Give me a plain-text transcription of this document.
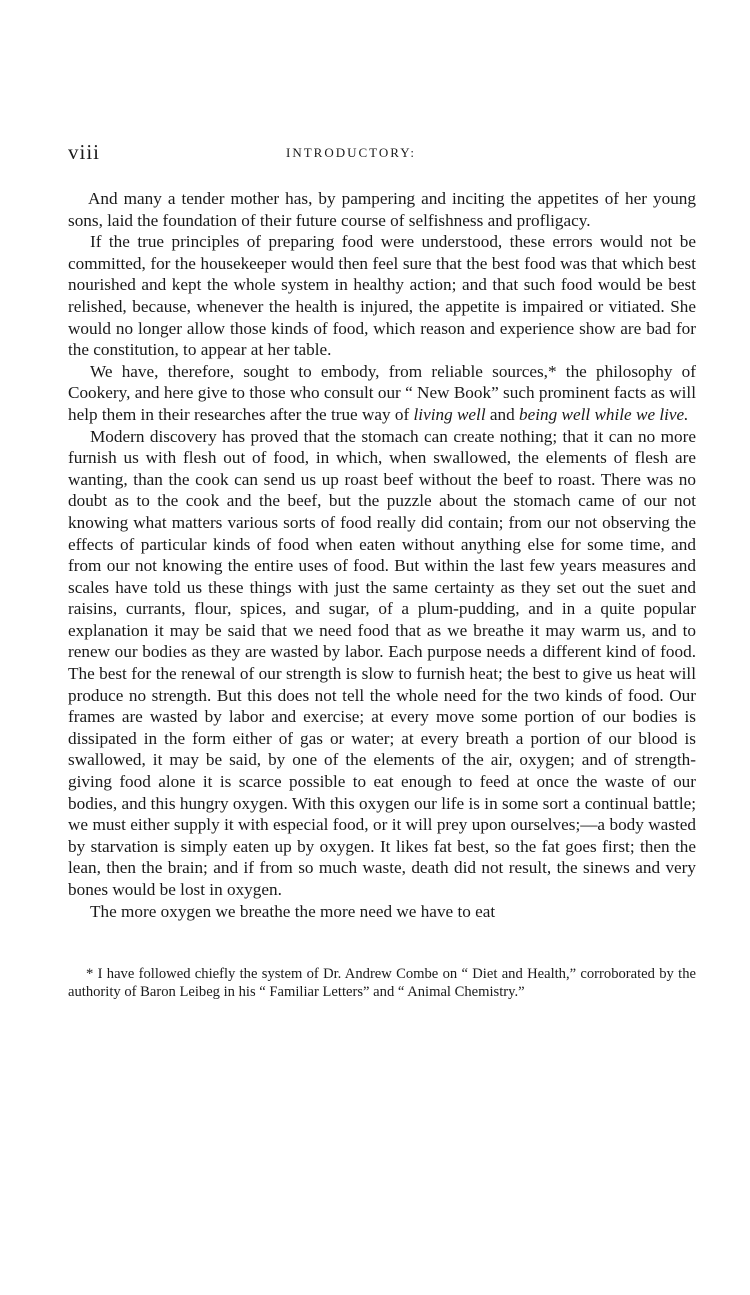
viii	INTRODUCTORY:

And many a tender mother has, by pampering and inciting the appetites of her young sons, laid the foundation of their future course of selfishness and profligacy.

If the true principles of preparing food were understood, these errors would not be committed, for the housekeeper would then feel sure that the best food was that which best nourished and kept the whole system in healthy action; and that such food would be best relished, because, whenever the health is injured, the appetite is impaired or vitiated. She would no longer allow those kinds of food, which reason and experience show are bad for the constitution, to appear at her table.

We have, therefore, sought to embody, from reliable sources,* the philosophy of Cookery, and here give to those who consult our “ New Book” such prominent facts as will help them in their researches after the true way of living well and being well while we live.

Modern discovery has proved that the stomach can create nothing; that it can no more furnish us with flesh out of food, in which, when swallowed, the elements of flesh are wanting, than the cook can send us up roast beef without the beef to roast. There was no doubt as to the cook and the beef, but the puzzle about the stomach came of our not knowing what matters various sorts of food really did contain; from our not observing the effects of particular kinds of food when eaten without anything else for some time, and from our not knowing the entire uses of food. But within the last few years measures and scales have told us these things with just the same certainty as they set out the suet and raisins, currants, flour, spices, and sugar, of a plum-pudding, and in a quite popular explanation it may be said that we need food that as we breathe it may warm us, and to renew our bodies as they are wasted by labor. Each purpose needs a different kind of food. The best for the renewal of our strength is slow to furnish heat; the best to give us heat will produce no strength. But this does not tell the whole need for the two kinds of food. Our frames are wasted by labor and exercise; at every move some portion of our bodies is dissipated in the form either of gas or water; at every breath a portion of our blood is swallowed, it may be said, by one of the elements of the air, oxygen; and of strength-giving food alone it is scarce possible to eat enough to feed at once the waste of our bodies, and this hungry oxygen. With this oxygen our life is in some sort a continual battle; we must either supply it with especial food, or it will prey upon ourselves;—a body wasted by starvation is simply eaten up by oxygen. It likes fat best, so the fat goes first; then the lean, then the brain; and if from so much waste, death did not result, the sinews and very bones would be lost in oxygen.

The more oxygen we breathe the more need we have to eat

* I have followed chiefly the system of Dr. Andrew Combe on “ Diet and Health,” corroborated by the authority of Baron Leibeg in his “ Familiar Letters” and “ Animal Chemistry.”
